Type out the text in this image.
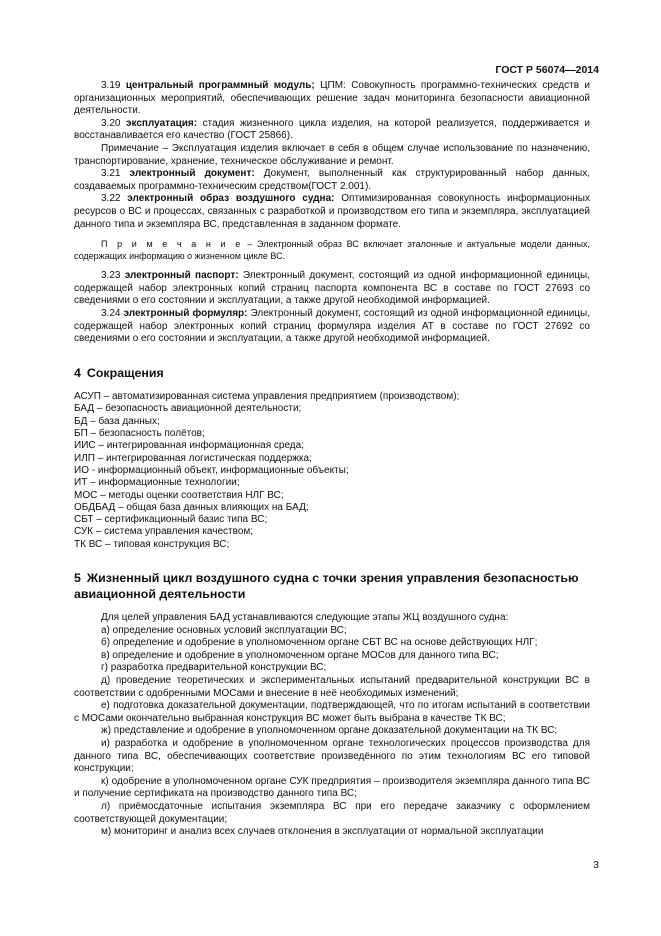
ГОСТ Р 56074—2014

3.19 центральный программный модуль; ЦПМ: Совокупность программно-технических средств и организационных мероприятий, обеспечивающих решение задач мониторинга безопасности авиационной деятельности.

3.20 эксплуатация: стадия жизненного цикла изделия, на которой реализуется, поддерживается и восстанавливается его качество (ГОСТ 25866).

Примечание – Эксплуатация изделия включает в себя в общем случае использование по назначению, транспортирование, хранение, техническое обслуживание и ремонт.

3.21 электронный документ: Документ, выполненный как структурированный набор данных, создаваемых программно-техническим средством(ГОСТ 2.001).

3.22 электронный образ воздушного судна: Оптимизированная совокупность информационных ресурсов о ВС и процессах, связанных с разработкой и производством его типа и экземпляра, эксплуатацией данного типа и экземпляра ВС, представленная в заданном формате.

П р и м е ч а н и е – Электронный образ ВС включает эталонные и актуальные модели данных, содержащих информацию о жизненном цикле ВС.

3.23 электронный паспорт: Электронный документ, состоящий из одной информационной единицы, содержащей набор электронных копий страниц паспорта компонента ВС в составе по ГОСТ 27693 со сведениями о его состоянии и эксплуатации, а также другой необходимой информацией.

3.24 электронный формуляр: Электронный документ, состоящий из одной информационной единицы, содержащей набор электронных копий страниц формуляра изделия АТ в составе по ГОСТ 27692 со сведениями о его состоянии и эксплуатации, а также другой необходимой информацией.

4 Сокращения

АСУП – автоматизированная система управления предприятием (производством);

БАД – безопасность авиационной деятельности;

БД – база данных;

БП – безопасность полётов;

ИИС – интегрированная информационная среда;

ИЛП – интегрированная логистическая поддержка;

ИО - информационный объект, информационные объекты;

ИТ – информационные технологии;

МОС – методы оценки соответствия НЛГ ВС;

ОБДБАД – общая база данных влияющих на БАД;

СБТ – сертификационный базис типа ВС;

СУК – система управления качеством;

ТК ВС – типовая конструкция ВС;

5 Жизненный цикл воздушного судна с точки зрения управления безопасностью авиационной деятельности

Для целей управления БАД устанавливаются следующие этапы ЖЦ воздушного судна:

а) определение основных условий эксплуатации ВС;

б) определение и одобрение в уполномоченном органе СБТ ВС на основе действующих НЛГ;

в) определение и одобрение в уполномоченном органе МОСов для данного типа ВС;

г) разработка предварительной конструкции ВС;

д) проведение теоретических и экспериментальных испытаний предварительной конструкции ВС в соответствии с одобренными МОСами и внесение в неё необходимых изменений;

е) подготовка доказательной документации, подтверждающей, что по итогам испытаний в соответствии с МОСами окончательно выбранная конструкция ВС может быть выбрана в качестве ТК ВС;

ж) представление и одобрение в уполномоченном органе доказательной документации на ТК ВС;

и) разработка и одобрение в уполномоченном органе технологических процессов производства для данного типа ВС, обеспечивающих соответствие произведённого по этим технологиям ВС его типовой конструкции;

к) одобрение в уполномоченном органе СУК предприятия – производителя экземпляра данного типа ВС и получение сертификата на производство данного типа ВС;

л) приёмосдаточные испытания экземпляра ВС при его передаче заказчику с оформлением соответствующей документации;

м) мониторинг и анализ всех случаев отклонения в эксплуатации от нормальной эксплуатации

3
